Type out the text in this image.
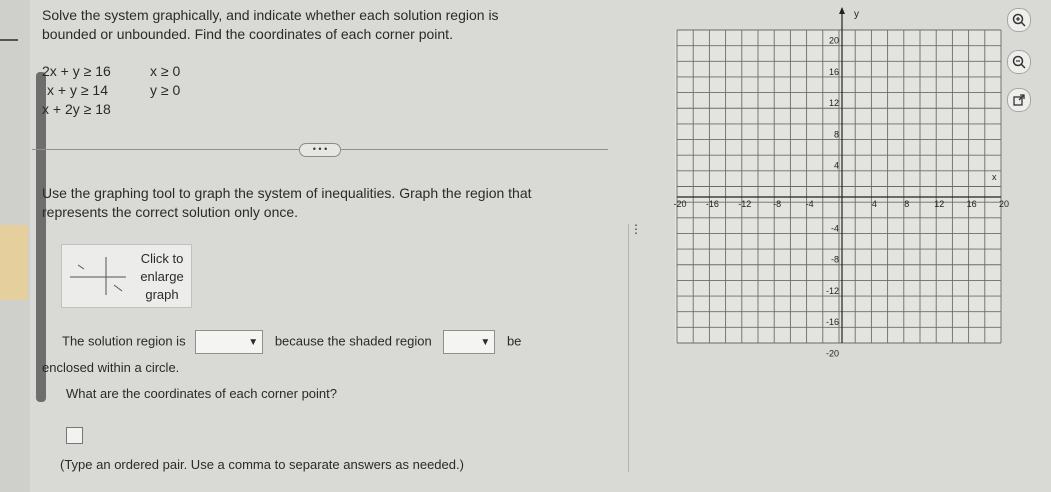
Solve the system graphically, and indicate whether each solution region is
bounded or unbounded. Find the coordinates of each corner point.
2x + y ≥ 16	x ≥ 0
x + y ≥ 14	y ≥ 0
x + 2y ≥ 18
• • •
Use the graphing tool to graph the system of inequalities. Graph the region that
represents the correct solution only once.
Click to
enlarge
graph
The solution region is	▼ because the shaded region	▼ be
enclosed within a circle.
What are the coordinates of each corner point?
(Type an ordered pair. Use a comma to separate answers as needed.)
⋮
y
x
-20 -16 -12 -8	-4	4	8	12 16 20
20
16
12
8
4
-4
-8
-12
-16
-20
